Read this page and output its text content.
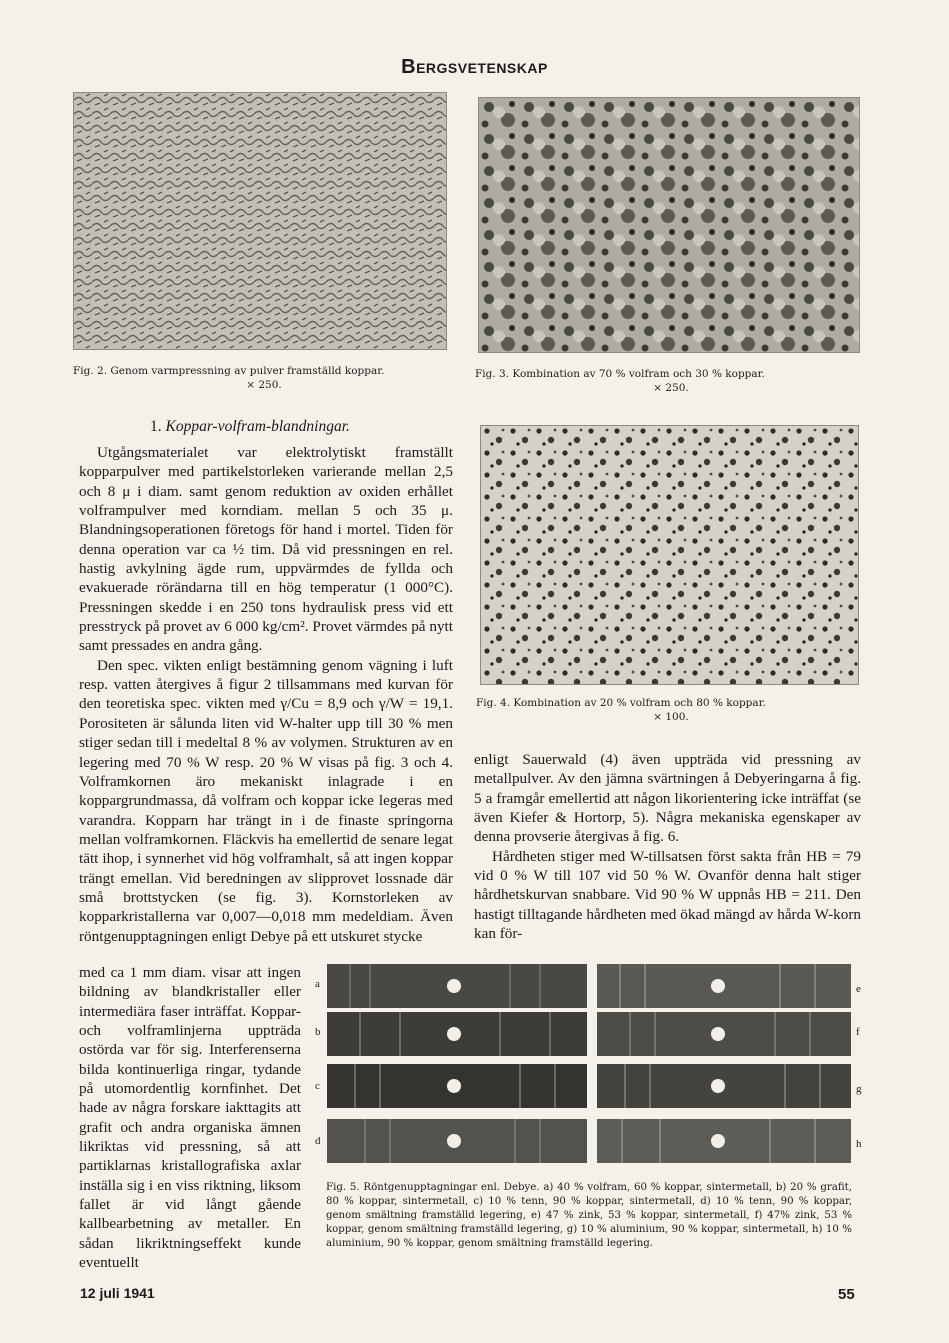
Bergsvetenskap
Fig. 2. Genom varmpressning av pulver framställd koppar.
× 250.
Fig. 3. Kombination av 70 % volfram och 30 % koppar.
× 250.
1. Koppar-volfram-blandningar.

Utgångsmaterialet var elektrolytiskt framställt kopparpulver med partikelstorleken varierande mellan 2,5 och 8 μ i diam. samt genom reduktion av oxiden erhållet volframpulver med korndiam. mellan 5 och 35 μ. Blandningsoperationen företogs för hand i mortel. Tiden för denna operation var ca ½ tim. Då vid pressningen en rel. hastig avkylning ägde rum, uppvärmdes de fyllda och evakuerade rörändarna till en hög temperatur (1 000°C). Pressningen skedde i en 250 tons hydraulisk press vid ett presstryck på provet av 6 000 kg/cm². Provet värmdes på nytt samt pressades en andra gång.

Den spec. vikten enligt bestämning genom vägning i luft resp. vatten återgives å figur 2 tillsammans med kurvan för den teoretiska spec. vikten med γ/Cu = 8,9 och γ/W = 19,1. Porositeten är sålunda liten vid W-halter upp till 30 % men stiger sedan till i medeltal 8 % av volymen. Strukturen av en legering med 70 % W resp. 20 % W visas på fig. 3 och 4. Volframkornen äro mekaniskt inlagrade i en koppargrundmassa, då volfram och koppar icke legeras med varandra. Kopparn har trängt in i de finaste springorna mellan volframkornen. Fläckvis ha emellertid de senare legat tätt ihop, i synnerhet vid hög volframhalt, så att ingen koppar trängt emellan. Vid beredningen av slipprovet lossnade där små brottstycken (se fig. 3). Kornstorleken av kopparkristallerna var 0,007—0,018 mm medeldiam. Även röntgenupptagningen enligt Debye på ett utskuret stycke

med ca 1 mm diam. visar att ingen bildning av blandkristaller eller intermediära faser inträffat. Koppar- och volframlinjerna uppträda ostörda var för sig. Interferenserna bilda kontinuerliga ringar, tydande på utomordentlig kornfinhet. Det hade av några forskare iakttagits att grafit och andra organiska ämnen likriktas vid pressning, så att partiklarnas kristallografiska axlar inställa sig i en viss riktning, liksom fallet är vid långt gående kallbearbetning av metaller. En sådan likriktningseffekt kunde eventuellt

Fig. 4. Kombination av 20 % volfram och 80 % koppar.
× 100.

enligt Sauerwald (4) även uppträda vid pressning av metallpulver. Av den jämna svärtningen å Debyeringarna å fig. 5 a framgår emellertid att någon likorientering icke inträffat (se även Kiefer & Hortorp, 5). Några mekaniska egenskaper av denna provserie återgivas å fig. 6.

Hårdheten stiger med W-tillsatsen först sakta från HB = 79 vid 0 % W till 107 vid 50 % W. Ovanför denna halt stiger hårdhetskurvan snabbare. Vid 90 % W uppnås HB = 211. Den hastigt tilltagande hårdheten med ökad mängd av hårda W-korn kan för-

a
b
c
d
e
f
g
h
Fig. 5. Röntgenupptagningar enl. Debye. a) 40 % volfram, 60 % koppar, sintermetall, b) 20 % grafit, 80 % koppar, sintermetall, c) 10 % tenn, 90 % koppar, sintermetall, d) 10 % tenn, 90 % koppar, genom smältning framställd legering, e) 47 % zink, 53 % koppar, sintermetall, f) 47% zink, 53 % koppar, genom smältning framställd legering, g) 10 % aluminium, 90 % koppar, sintermetall, h) 10 % aluminium, 90 % koppar, genom smältning framställd legering.
12 juli 1941	55
